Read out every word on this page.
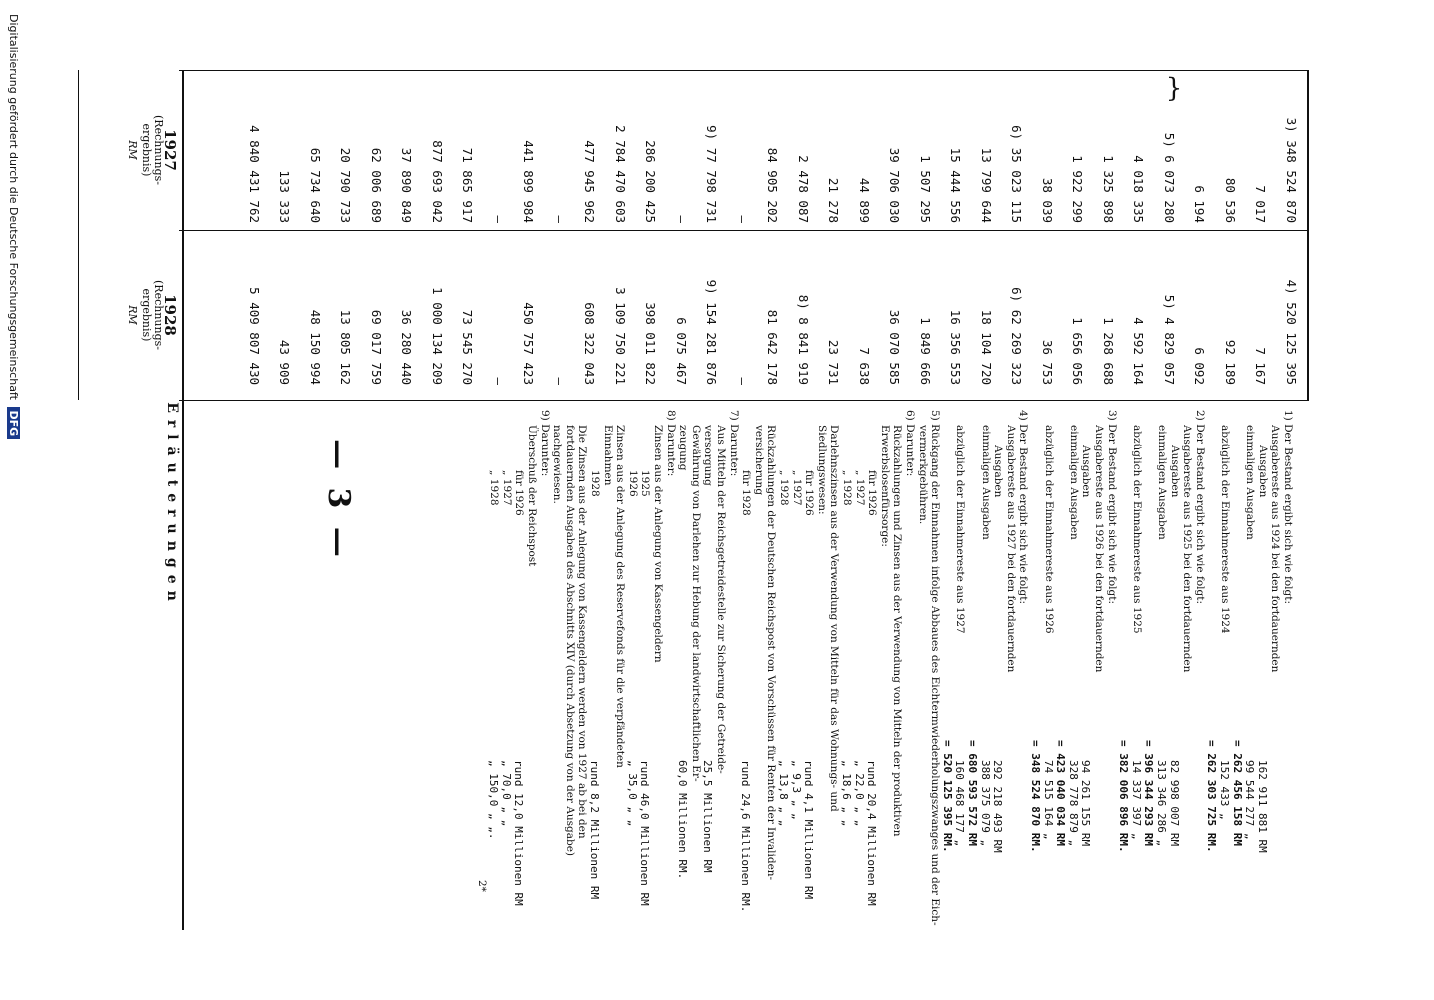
— 3 —
1927
(Rechnungs-
ergebnis)
RM
1928
(Rechnungs-
ergebnis)
RM
Erläuterungen
3) 348 524 870
7 017
80 536
6 194
5) 6 073 280
4 018 335
1 325 898
1 922 299
38 039
6) 35 023 115
13 799 644
15 444 556
1 507 295
39 706 030
44 899
21 278
2 478 087
84 905 202
—
9) 77 798 731
—
286 200 425
2 784 470 603
477 945 962
—
441 899 984
—
71 865 917
877 693 042
37 890 849
62 006 689
20 790 733
65 734 640
133 333
4 840 431 762
4) 520 125 395
7 167
92 189
6 092
5) 4 829 057
4 592 164
1 268 688
1 656 056
36 753
6) 62 269 323
18 104 720
16 356 553
1 849 666
36 070 585
7 638
23 731
8) 8 841 919
81 642 178
—
9) 154 281 876
6 075 467
398 011 822
3 109 750 221
608 322 043
—
450 757 423
—
73 545 270
1 000 134 209
36 280 440
69 017 759
13 805 162
48 150 994
43 909
5 409 807 430
}
1) Der Bestand ergibt sich wie folgt:
Ausgabereste aus 1924 bei den fortdauernden
Ausgaben
162 911 881 RM
einmaligen Ausgaben
99 544 277 „
= 262 456 158 RM
abzüglich der Einnahmereste aus 1924
152 433 „
= 262 303 725 RM.
2) Der Bestand ergibt sich wie folgt:
Ausgabereste aus 1925 bei den fortdauernden
Ausgaben
82 998 007 RM
einmaligen Ausgaben
313 346 286 „
= 396 344 293 RM
abzüglich der Einnahmereste aus 1925
14 337 397 „
= 382 006 896 RM.
3) Der Bestand ergibt sich wie folgt:
Ausgabereste aus 1926 bei den fortdauernden
Ausgaben
94 261 155 RM
einmaligen Ausgaben
328 778 879 „
= 423 040 034 RM
abzüglich der Einnahmereste aus 1926
74 515 164 „
= 348 524 870 RM.
4) Der Bestand ergibt sich wie folgt:
Ausgabereste aus 1927 bei den fortdauernden
Ausgaben
292 218 493 RM
einmaligen Ausgaben
388 375 079 „
= 680 593 572 RM
abzüglich der Einnahmereste aus 1927
160 468 177 „
= 520 125 395 RM.
5) Rückgang der Einnahmen infolge Abbaues des Eichtermwiederholungszwanges und der Eich-
vermerkgebühren.
6) Darunter:
Rückzahlungen und Zinsen aus der Verwendung von Mitteln der produktiven
Erwerbslosenfürsorge:
für 1926
rund 20,4 Millionen RM
„ 1927
„ 22,0 „ „
„ 1928
„ 18,6 „ „
Darlehnszinsen aus der Verwendung von Mitteln für das Wohnungs- und
Siedlungswesen:
für 1926
rund 4,1 Millionen RM
„ 1927
„ 9,3 „ „
„ 1928
„ 13,8 „ „
Rückzahlungen der Deutschen Reichspost von Vorschüssen für Renten der Invaliden-
versicherung
für 1928
rund 24,6 Millionen RM.
7) Darunter:
Aus Mitteln der Reichsgetreidestelle zur Sicherung der Getreide-
versorgung
25,5 Millionen RM
Gewährung von Darlehen zur Hebung der landwirtschaftlichen Er-
zeugung
60,0 Millionen RM.
8) Darunter:
Zinsen aus der Anlegung von Kassengeldern
1925
rund 46,0 Millionen RM
1926
„ 35,0 „ „
Zinsen aus der Anlegung des Reservefonds für die verpfändeten
Einnahmen
1928
rund 8,2 Millionen RM
Die Zinsen aus der Anlegung von Kassengeldern werden von 1927 ab bei den
fortdauernden Ausgaben des Abschnitts XIV (durch Absetzung von der Ausgabe)
nachgewiesen.
9) Darunter:
Überschuß der Reichspost
für 1926
rund 12,0 Millionen RM
„ 1927
„ 70,0 „ „
„ 1928
„ 150,0 „ „.
2*
Digitalisierung gefördert durch die Deutsche Forschungsgemeinschaft DFG
